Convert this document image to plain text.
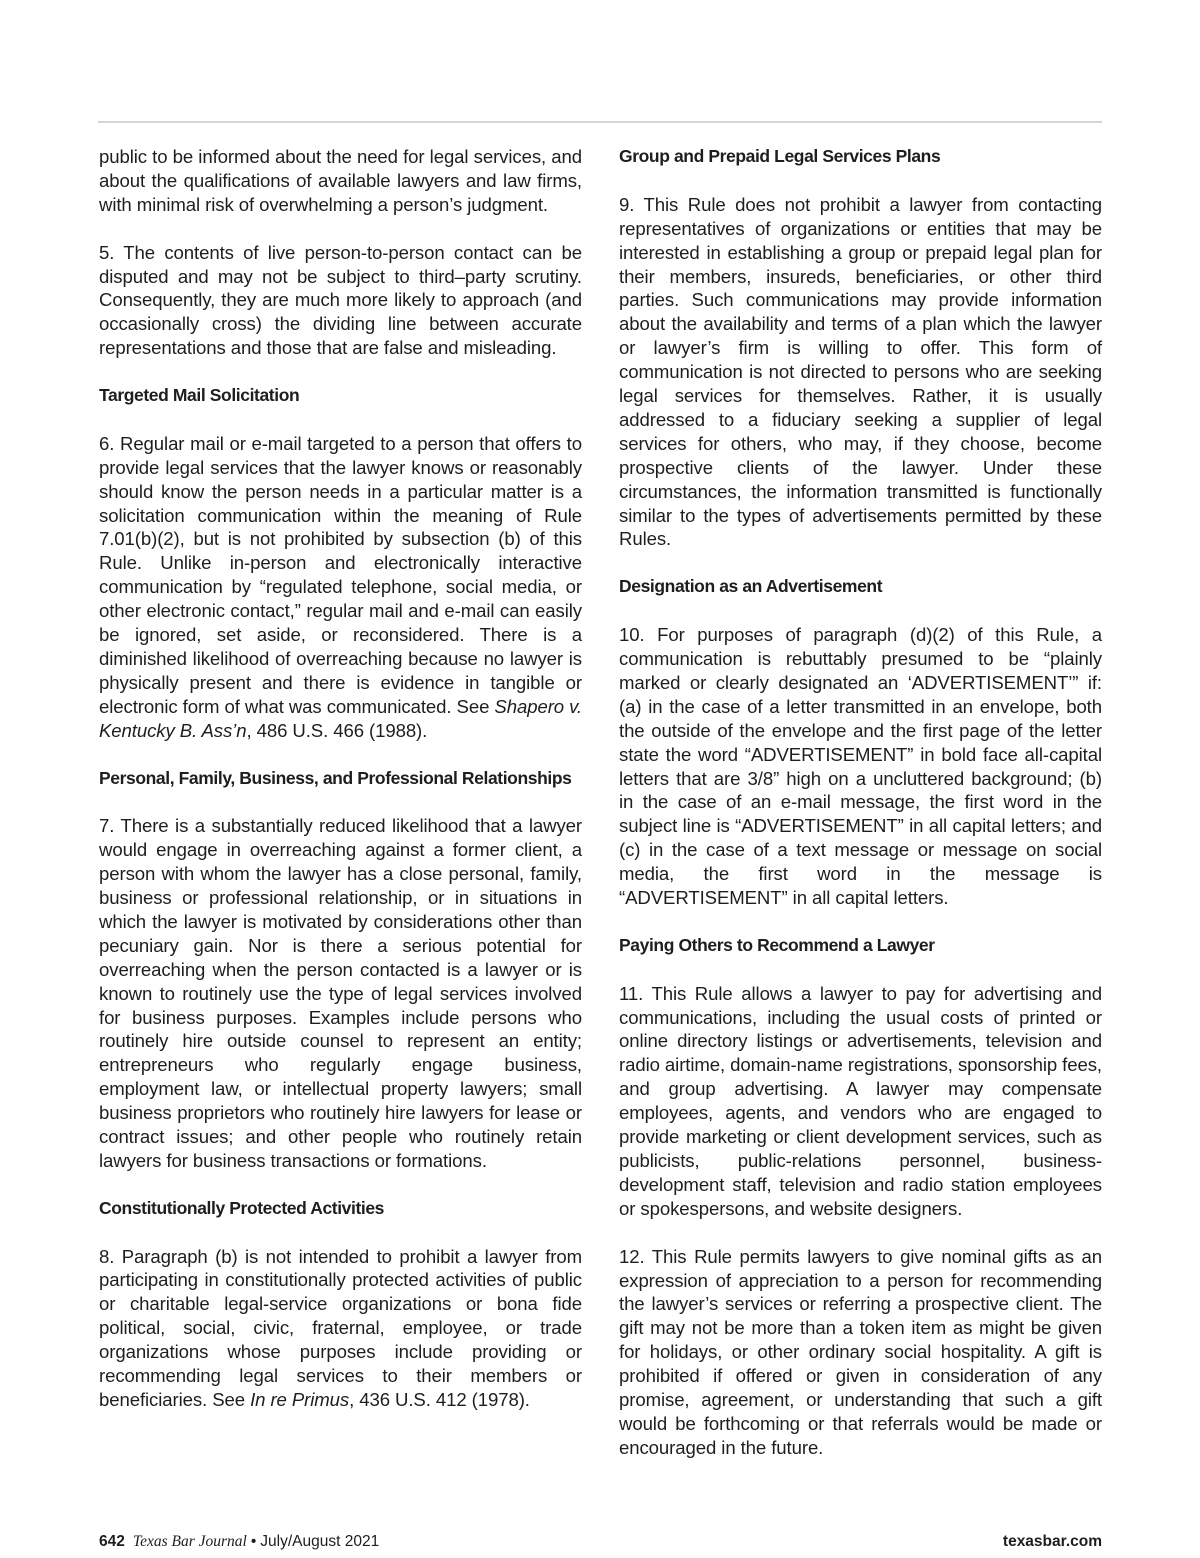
public to be informed about the need for legal services, and about the qualifications of available lawyers and law firms, with minimal risk of overwhelming a person’s judgment.

5. The contents of live person-to-person contact can be disputed and may not be subject to third–party scrutiny. Consequently, they are much more likely to approach (and occasionally cross) the dividing line between accurate representations and those that are false and misleading.

Targeted Mail Solicitation

6. Regular mail or e-mail targeted to a person that offers to provide legal services that the lawyer knows or reasonably should know the person needs in a particular matter is a solicitation communication within the meaning of Rule 7.01(b)(2), but is not prohibited by subsection (b) of this Rule. Unlike in-person and electronically interactive communication by “regulated telephone, social media, or other electronic contact,” regular mail and e-mail can easily be ignored, set aside, or reconsidered. There is a diminished likelihood of overreaching because no lawyer is physically present and there is evidence in tangible or electronic form of what was communicated. See Shapero v. Kentucky B. Ass’n, 486 U.S. 466 (1988).

Personal, Family, Business, and Professional Relationships

7. There is a substantially reduced likelihood that a lawyer would engage in overreaching against a former client, a person with whom the lawyer has a close personal, family, business or professional relationship, or in situations in which the lawyer is motivated by considerations other than pecuniary gain. Nor is there a serious potential for overreaching when the person contacted is a lawyer or is known to routinely use the type of legal services involved for business purposes. Examples include persons who routinely hire outside counsel to represent an entity; entrepreneurs who regularly engage business, employment law, or intellectual property lawyers; small business proprietors who routinely hire lawyers for lease or contract issues; and other people who routinely retain lawyers for business transactions or formations.

Constitutionally Protected Activities

8. Paragraph (b) is not intended to prohibit a lawyer from participating in constitutionally protected activities of public or charitable legal-service organizations or bona fide political, social, civic, fraternal, employee, or trade organizations whose purposes include providing or recommending legal services to their members or beneficiaries. See In re Primus, 436 U.S. 412 (1978).

Group and Prepaid Legal Services Plans

9. This Rule does not prohibit a lawyer from contacting representatives of organizations or entities that may be interested in establishing a group or prepaid legal plan for their members, insureds, beneficiaries, or other third parties. Such communications may provide information about the availability and terms of a plan which the lawyer or lawyer’s firm is willing to offer. This form of communication is not directed to persons who are seeking legal services for themselves. Rather, it is usually addressed to a fiduciary seeking a supplier of legal services for others, who may, if they choose, become prospective clients of the lawyer. Under these circumstances, the information transmitted is functionally similar to the types of advertisements permitted by these Rules.

Designation as an Advertisement

10. For purposes of paragraph (d)(2) of this Rule, a communication is rebuttably presumed to be “plainly marked or clearly designated an ‘ADVERTISEMENT’” if: (a) in the case of a letter transmitted in an envelope, both the outside of the envelope and the first page of the letter state the word “ADVERTISEMENT” in bold face all-capital letters that are 3/8” high on a uncluttered background; (b) in the case of an e-mail message, the first word in the subject line is “ADVERTISEMENT” in all capital letters; and (c) in the case of a text message or message on social media, the first word in the message is “ADVERTISEMENT” in all capital letters.

Paying Others to Recommend a Lawyer

11. This Rule allows a lawyer to pay for advertising and communications, including the usual costs of printed or online directory listings or advertisements, television and radio airtime, domain-name registrations, sponsorship fees, and group advertising. A lawyer may compensate employees, agents, and vendors who are engaged to provide marketing or client development services, such as publicists, public-relations personnel, business-development staff, television and radio station employees or spokespersons, and website designers.

12. This Rule permits lawyers to give nominal gifts as an expression of appreciation to a person for recommending the lawyer’s services or referring a prospective client. The gift may not be more than a token item as might be given for holidays, or other ordinary social hospitality. A gift is prohibited if offered or given in consideration of any promise, agreement, or understanding that such a gift would be forthcoming or that referrals would be made or encouraged in the future.

642 Texas Bar Journal • July/August 2021	texasbar.com
